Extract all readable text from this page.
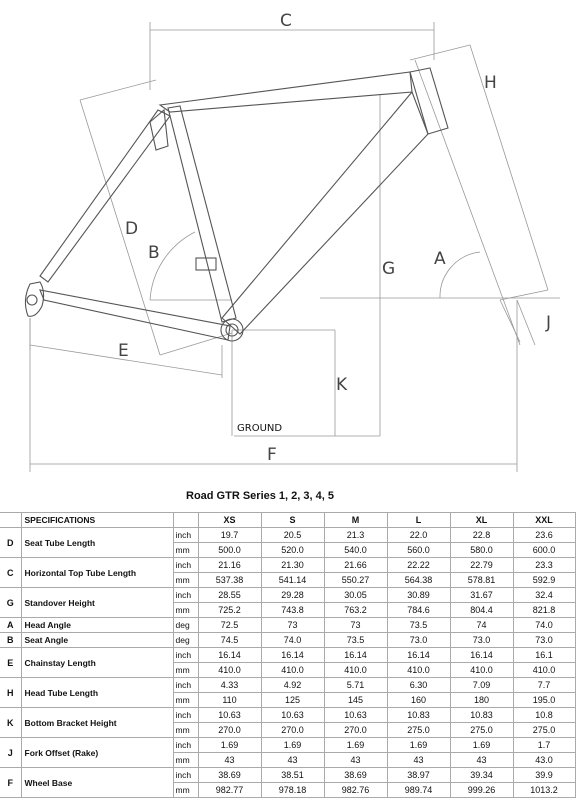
C
H
D
B
G A
J
E
K
F
GROUND
Road GTR Series 1, 2, 3, 4, 5
	SPECIFICATIONS		XS	S	M	L	XL	XXL
D	Seat Tube Length	inch	19.7	20.5	21.3	22.0	22.8	23.6
		mm	500.0	520.0	540.0	560.0	580.0	600.0
C	Horizontal Top Tube Length	inch	21.16	21.30	21.66	22.22	22.79	23.3
		mm	537.38	541.14	550.27	564.38	578.81	592.9
G	Standover Height	inch	28.55	29.28	30.05	30.89	31.67	32.4
		mm	725.2	743.8	763.2	784.6	804.4	821.8
A	Head Angle	deg	72.5	73	73	73.5	74	74.0
B	Seat Angle	deg	74.5	74.0	73.5	73.0	73.0	73.0
E	Chainstay Length	inch	16.14	16.14	16.14	16.14	16.14	16.1
		mm	410.0	410.0	410.0	410.0	410.0	410.0
H	Head Tube Length	inch	4.33	4.92	5.71	6.30	7.09	7.7
		mm	110	125	145	160	180	195.0
K	Bottom Bracket Height	inch	10.63	10.63	10.63	10.83	10.83	10.8
		mm	270.0	270.0	270.0	275.0	275.0	275.0
J	Fork Offset (Rake)	inch	1.69	1.69	1.69	1.69	1.69	1.7
		mm	43	43	43	43	43	43.0
F	Wheel Base	inch	38.69	38.51	38.69	38.97	39.34	39.9
		mm	982.77	978.18	982.76	989.74	999.26	1013.2
